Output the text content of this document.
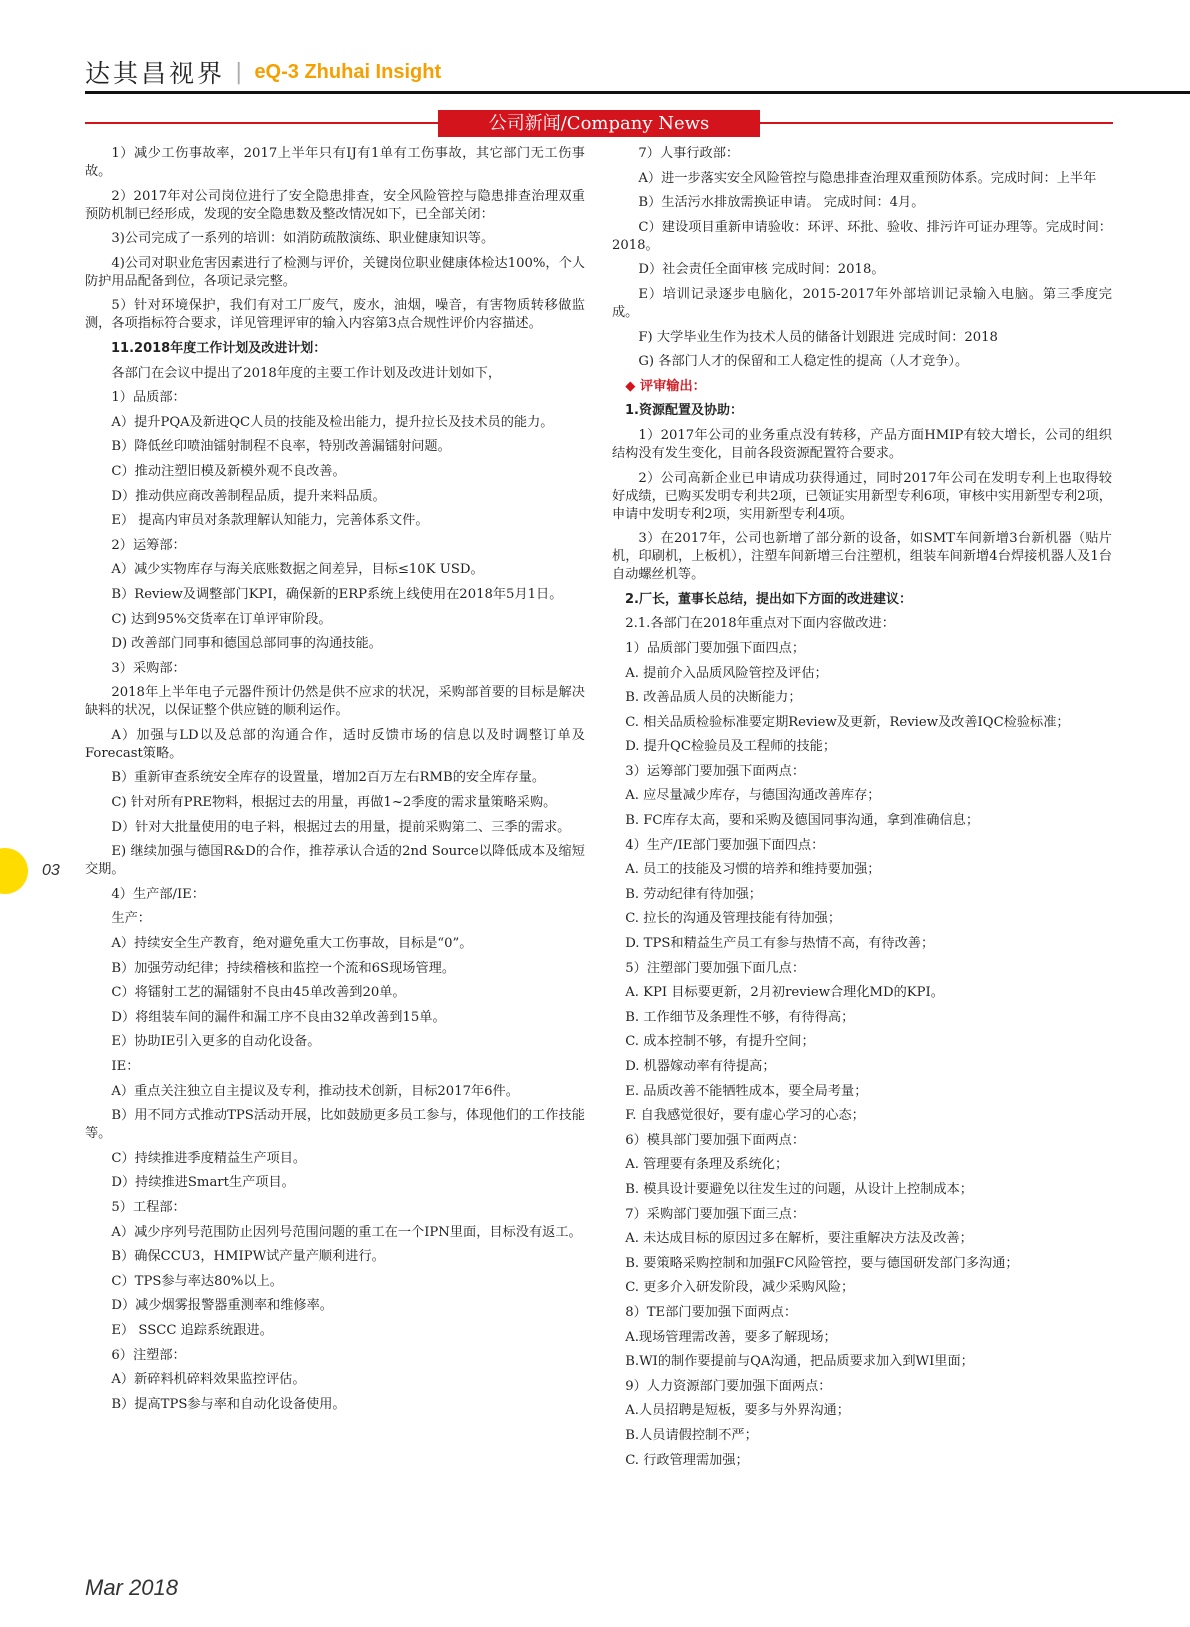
达其昌视界 | eQ-3 Zhuhai Insight
公司新闻/Company News

1）减少工伤事故率，2017上半年只有IJ有1单有工伤事故，其它部门无工伤事故。

2）2017年对公司岗位进行了安全隐患排查，安全风险管控与隐患排查治理双重预防机制已经形成，发现的安全隐患数及整改情况如下，已全部关闭：

3)公司完成了一系列的培训：如消防疏散演练、职业健康知识等。

4)公司对职业危害因素进行了检测与评价，关键岗位职业健康体检达100%，个人防护用品配备到位，各项记录完整。

5）针对环境保护，我们有对工厂废气，废水，油烟，噪音，有害物质转移做监测，各项指标符合要求，详见管理评审的输入内容第3点合规性评价内容描述。

11.2018年度工作计划及改进计划：

各部门在会议中提出了2018年度的主要工作计划及改进计划如下，

1）品质部：

A）提升PQA及新进QC人员的技能及检出能力，提升拉长及技术员的能力。

B）降低丝印喷油镭射制程不良率，特别改善漏镭射问题。

C）推动注塑旧模及新模外观不良改善。

D）推动供应商改善制程品质，提升来料品质。

E） 提高内审员对条款理解认知能力，完善体系文件。

2）运筹部：

A）减少实物库存与海关底账数据之间差异，目标≤10K USD。

B）Review及调整部门KPI，确保新的ERP系统上线使用在2018年5月1日。

C) 达到95%交货率在订单评审阶段。

D) 改善部门同事和德国总部同事的沟通技能。

3）采购部：

2018年上半年电子元器件预计仍然是供不应求的状况，采购部首要的目标是解决缺料的状况，以保证整个供应链的顺利运作。

A）加强与LD以及总部的沟通合作，适时反馈市场的信息以及时调整订单及Forecast策略。

B）重新审查系统安全库存的设置量，增加2百万左右RMB的安全库存量。

C) 针对所有PRE物料，根据过去的用量，再做1~2季度的需求量策略采购。

D）针对大批量使用的电子料，根据过去的用量，提前采购第二、三季的需求。

E) 继续加强与德国R&D的合作，推荐承认合适的2nd Source以降低成本及缩短交期。

4）生产部/IE：

生产：

A）持续安全生产教育，绝对避免重大工伤事故，目标是“0”。

B）加强劳动纪律；持续稽核和监控一个流和6S现场管理。

C）将镭射工艺的漏镭射不良由45单改善到20单。

D）将组装车间的漏件和漏工序不良由32单改善到15单。

E）协助IE引入更多的自动化设备。

IE：

A）重点关注独立自主提议及专利，推动技术创新，目标2017年6件。

B）用不同方式推动TPS活动开展，比如鼓励更多员工参与，体现他们的工作技能等。

C）持续推进季度精益生产项目。

D）持续推进Smart生产项目。

5）工程部：

A）减少序列号范围防止因列号范围问题的重工在一个IPN里面，目标没有返工。

B）确保CCU3，HMIPW试产量产顺利进行。

C）TPS参与率达80%以上。

D）减少烟雾报警器重测率和维修率。

E） SSCC 追踪系统跟进。

6）注塑部：

A）新碎料机碎料效果监控评估。

B）提高TPS参与率和自动化设备使用。

7）人事行政部：

A）进一步落实安全风险管控与隐患排查治理双重预防体系。完成时间：上半年

B）生活污水排放需换证申请。 完成时间：4月。

C）建设项目重新申请验收：环评、环批、验收、排污许可证办理等。完成时间：2018。

D）社会责任全面审核 完成时间：2018。

E）培训记录逐步电脑化，2015-2017年外部培训记录输入电脑。第三季度完成。

F) 大学毕业生作为技术人员的储备计划跟进 完成时间：2018

G) 各部门人才的保留和工人稳定性的提高（人才竞争）。

◆ 评审输出：

1.资源配置及协助：

1）2017年公司的业务重点没有转移，产品方面HMIP有较大增长，公司的组织结构没有发生变化，目前各段资源配置符合要求。

2）公司高新企业已申请成功获得通过，同时2017年公司在发明专利上也取得较好成绩，已购买发明专利共2项，已领证实用新型专利6项，审核中实用新型专利2项，申请中发明专利2项，实用新型专利4项。

3）在2017年，公司也新增了部分新的设备，如SMT车间新增3台新机器（贴片机，印刷机，上板机），注塑车间新增三台注塑机，组装车间新增4台焊接机器人及1台自动螺丝机等。

2.厂长，董事长总结，提出如下方面的改进建议：

2.1.各部门在2018年重点对下面内容做改进：

1）品质部门要加强下面四点；

A. 提前介入品质风险管控及评估；

B. 改善品质人员的决断能力；

C. 相关品质检验标准要定期Review及更新，Review及改善IQC检验标准；

D. 提升QC检验员及工程师的技能；

3）运筹部门要加强下面两点：

A. 应尽量减少库存，与德国沟通改善库存；

B. FC库存太高，要和采购及德国同事沟通，拿到准确信息；

4）生产/IE部门要加强下面四点：

A. 员工的技能及习惯的培养和维持要加强；

B. 劳动纪律有待加强；

C. 拉长的沟通及管理技能有待加强；

D. TPS和精益生产员工有参与热情不高，有待改善；

5）注塑部门要加强下面几点：

A. KPI 目标要更新，2月初review合理化MD的KPI。

B. 工作细节及条理性不够，有待得高；

C. 成本控制不够，有提升空间；

D. 机器嫁动率有待提高；

E. 品质改善不能牺牲成本，要全局考量；

F. 自我感觉很好，要有虚心学习的心态；

6）模具部门要加强下面两点：

A. 管理要有条理及系统化；

B. 模具设计要避免以往发生过的问题，从设计上控制成本；

7）采购部门要加强下面三点：

A. 未达成目标的原因过多在解析，要注重解决方法及改善；

B. 要策略采购控制和加强FC风险管控，要与德国研发部门多沟通；

C. 更多介入研发阶段，减少采购风险；

8）TE部门要加强下面两点：

A.现场管理需改善，要多了解现场；

B.WI的制作要提前与QA沟通，把品质要求加入到WI里面；

9）人力资源部门要加强下面两点：

A.人员招聘是短板，要多与外界沟通；

B.人员请假控制不严；

C. 行政管理需加强；

03
Mar 2018
